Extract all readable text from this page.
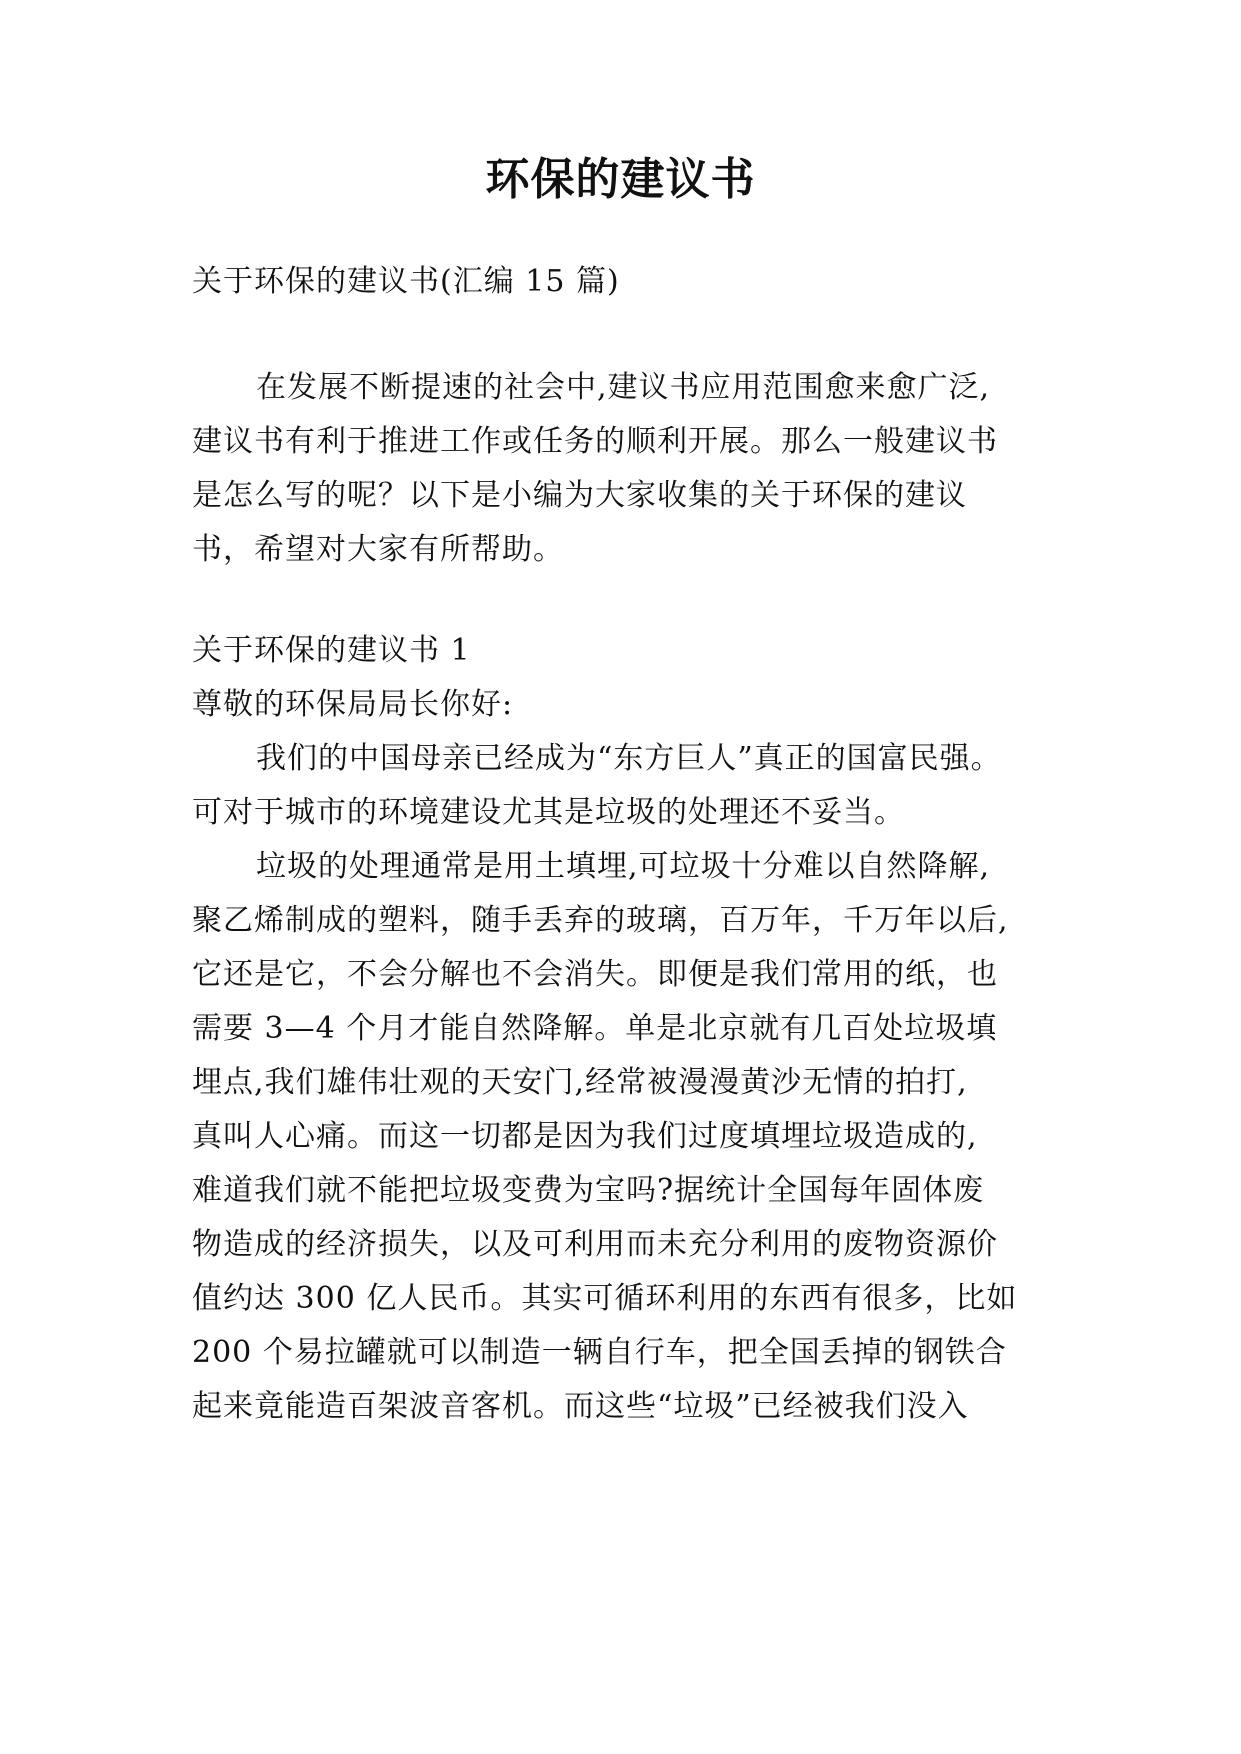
环保的建议书
关于环保的建议书(汇编 15 篇)
在发展不断提速的社会中,建议书应用范围愈来愈广泛,
建议书有利于推进工作或任务的顺利开展。那么一般建议书
是怎么写的呢？以下是小编为大家收集的关于环保的建议
书，希望对大家有所帮助。
关于环保的建议书 1
尊敬的环保局局长你好:
我们的中国母亲已经成为“东方巨人”真正的国富民强。
可对于城市的环境建设尤其是垃圾的处理还不妥当。
垃圾的处理通常是用土填埋,可垃圾十分难以自然降解,
聚乙烯制成的塑料，随手丢弃的玻璃，百万年，千万年以后,
它还是它，不会分解也不会消失。即便是我们常用的纸，也
需要 3—4 个月才能自然降解。单是北京就有几百处垃圾填
埋点,我们雄伟壮观的天安门,经常被漫漫黄沙无情的拍打,
真叫人心痛。而这一切都是因为我们过度填埋垃圾造成的,
难道我们就不能把垃圾变费为宝吗?据统计全国每年固体废
物造成的经济损失，以及可利用而未充分利用的废物资源价
值约达 300 亿人民币。其实可循环利用的东西有很多，比如
200 个易拉罐就可以制造一辆自行车，把全国丢掉的钢铁合
起来竟能造百架波音客机。而这些“垃圾”已经被我们没入
